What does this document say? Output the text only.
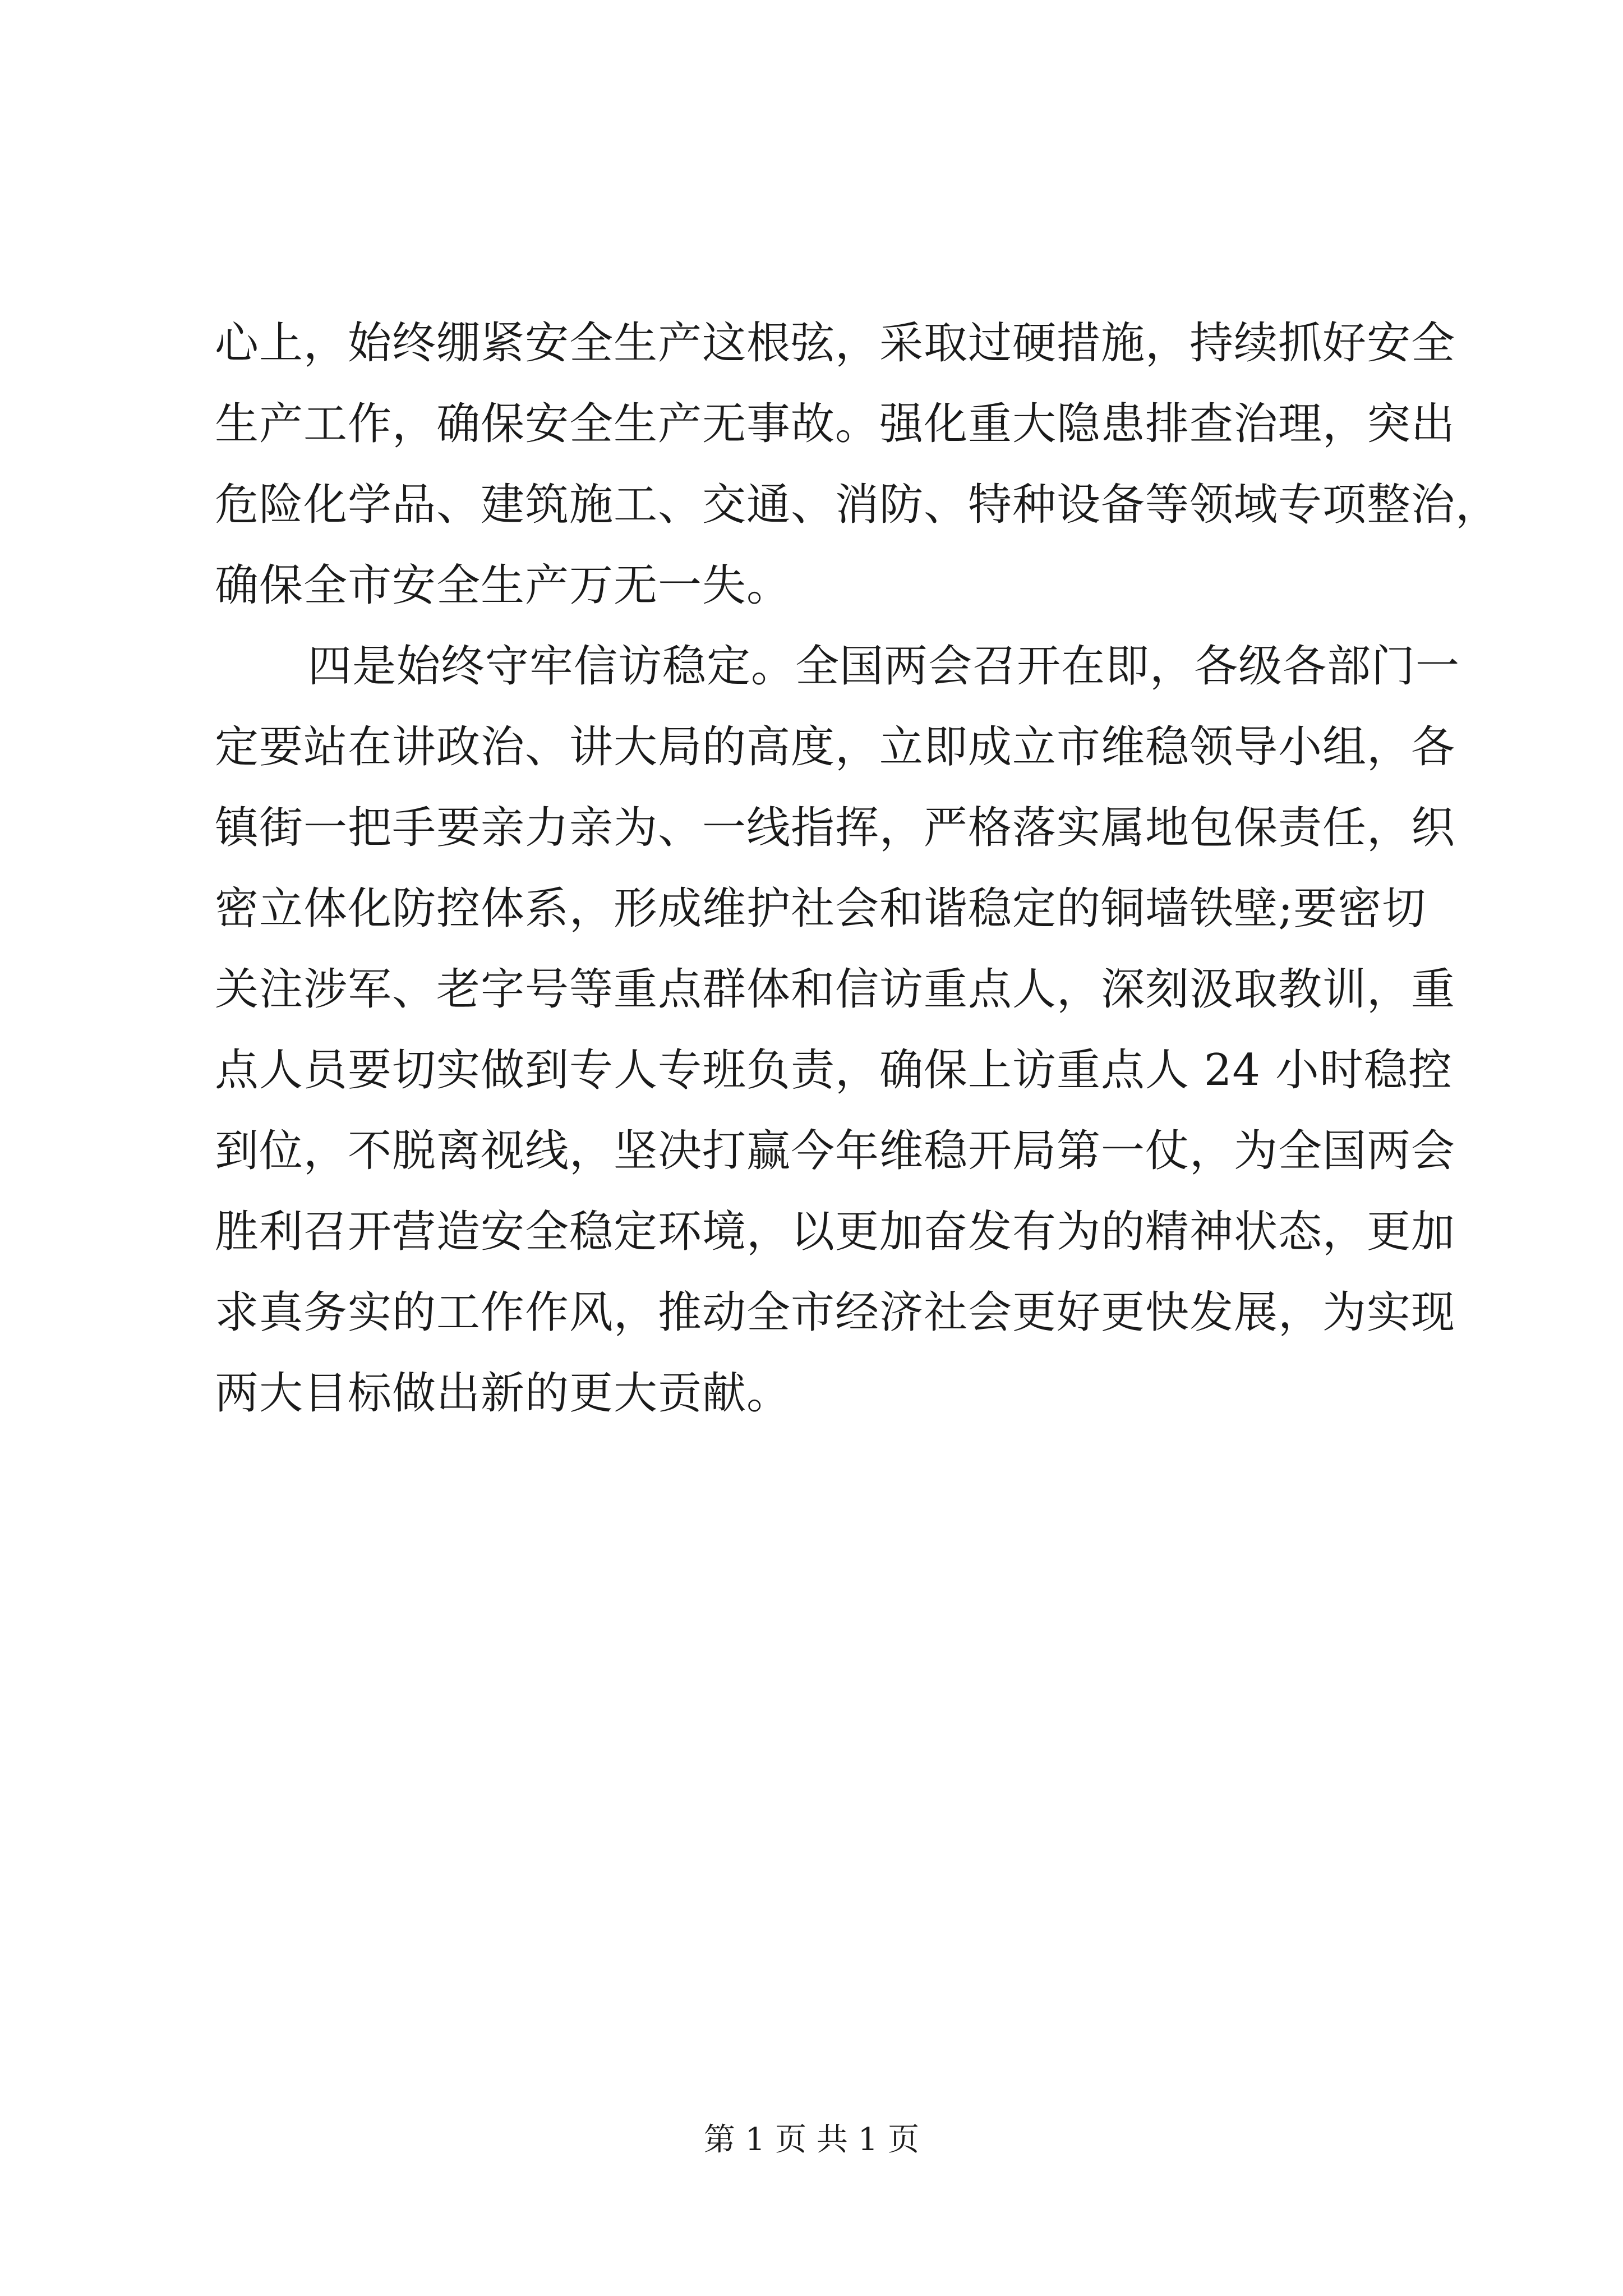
心上，始终绷紧安全生产这根弦，采取过硬措施，持续抓好安全
生产工作，确保安全生产无事故。强化重大隐患排查治理，突出
危险化学品、建筑施工、交通、消防、特种设备等领域专项整治，
确保全市安全生产万无一失。
四是始终守牢信访稳定。全国两会召开在即，各级各部门一
定要站在讲政治、讲大局的高度，立即成立市维稳领导小组，各
镇街一把手要亲力亲为、一线指挥，严格落实属地包保责任，织
密立体化防控体系，形成维护社会和谐稳定的铜墙铁壁;要密切
关注涉军、老字号等重点群体和信访重点人，深刻汲取教训，重
点人员要切实做到专人专班负责，确保上访重点人 24 小时稳控
到位，不脱离视线，坚决打赢今年维稳开局第一仗，为全国两会
胜利召开营造安全稳定环境，以更加奋发有为的精神状态，更加
求真务实的工作作风，推动全市经济社会更好更快发展，为实现
两大目标做出新的更大贡献。
第 1 页 共 1 页
